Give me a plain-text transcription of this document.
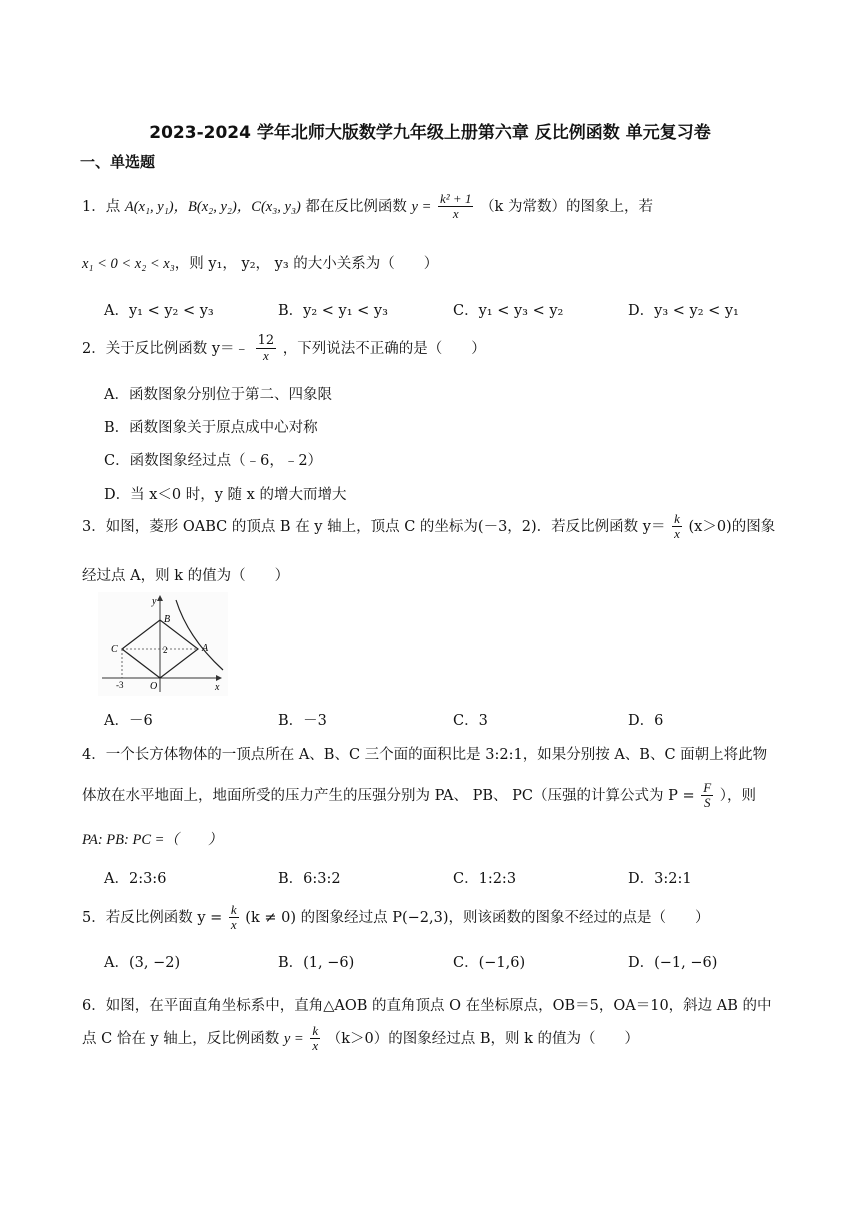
2023-2024 学年北师大版数学九年级上册第六章 反比例函数 单元复习卷
一、单选题
1．点 A(x₁, y₁)，B(x₂, y₂)，C(x₃, y₃) 都在反比例函数 $y = \frac{\text{k² + 1}}{x} (k$ 为常数）的图象上，若
x₁ < 0 < x₂ < x₃，则 y₁， y₂， y₃ 的大小关系为（　　）
A．y₁ < y₂ < y₃	B．y₂ < y₁ < y₃	C．y₁ < y₃ < y₂	D．y₃ < y₂ < y₁
2．关于反比例函数 y＝﹣ $\frac{12}{x}$ ，下列说法不正确的是（　　）
A．函数图象分别位于第二、四象限
B．函数图象关于原点成中心对称
C．函数图象经过点（﹣6，﹣2）
D．当 x＜0 时，y 随 x 的增大而增大
3．如图，菱形 OABC 的顶点 B 在 y 轴上，顶点 C 的坐标为(－3，2)．若反比例函数 $y= \frac{k}{x} (x>0)$的图象
经过点 A，则 k 的值为（　　）
y
B
C	2	A
-3	O	x
A．－6	B．－3	C．3	D．6
4．一个长方体物体的一顶点所在 A、B、C 三个面的面积比是 3:2:1，如果分别按 A、B、C 面朝上将此物
体放在水平地面上，地面所受的压力产生的压强分别为 PA、 PB、 PC（压强的计算公式为 $P = \frac{F}{S}$ ），则
PA: PB: PC =（　　）
A．2:3:6	B．6:3:2	C．1:2:3	D．3:2:1
5．若反比例函数 $y = \frac{k}{x} (k \ne 0)$ 的图象经过点 P(−2,3)，则该函数的图象不经过的点是（　　）
A．(3, −2)	B．(1, −6)	C．(−1,6)	D．(−1, −6)
6．如图，在平面直角坐标系中，直角△AOB 的直角顶点 O 在坐标原点，OB＝5，OA＝10，斜边 AB 的中
点 C 恰在 y 轴上，反比例函数 $y = \frac{k}{x} (k>0)$的图象经过点 B，则 k 的值为（　　）
